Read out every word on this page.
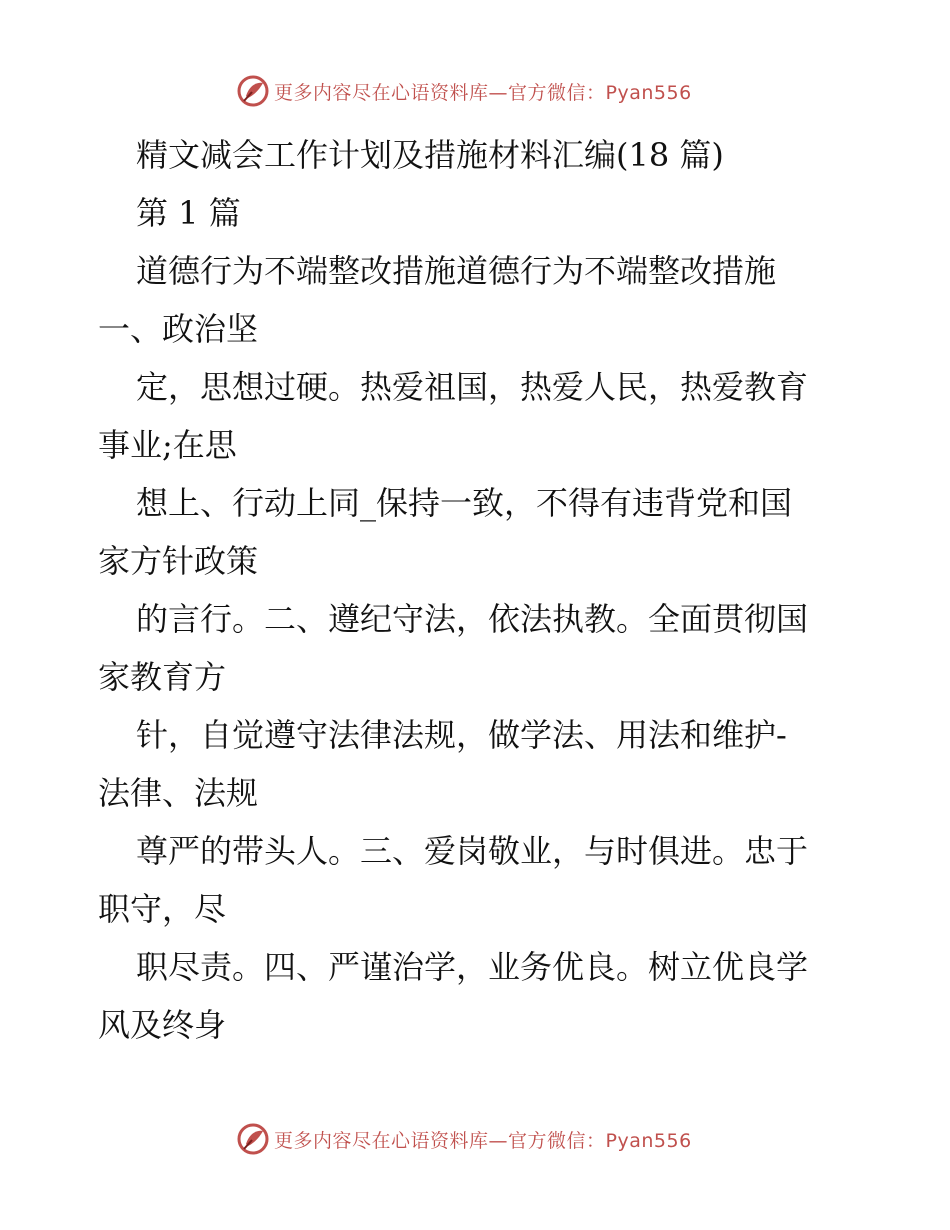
更多内容尽在心语资料库—官方微信：Pyan556
精文减会工作计划及措施材料汇编(18 篇)
第 1 篇
道德行为不端整改措施道德行为不端整改措施
一、政治坚
定，思想过硬。热爱祖国，热爱人民，热爱教育
事业;在思
想上、行动上同_保持一致，不得有违背党和国
家方针政策
的言行。二、遵纪守法，依法执教。全面贯彻国
家教育方
针，自觉遵守法律法规，做学法、用法和维护-
法律、法规
尊严的带头人。三、爱岗敬业，与时俱进。忠于
职守，尽
职尽责。四、严谨治学，业务优良。树立优良学
风及终身
更多内容尽在心语资料库—官方微信：Pyan556
